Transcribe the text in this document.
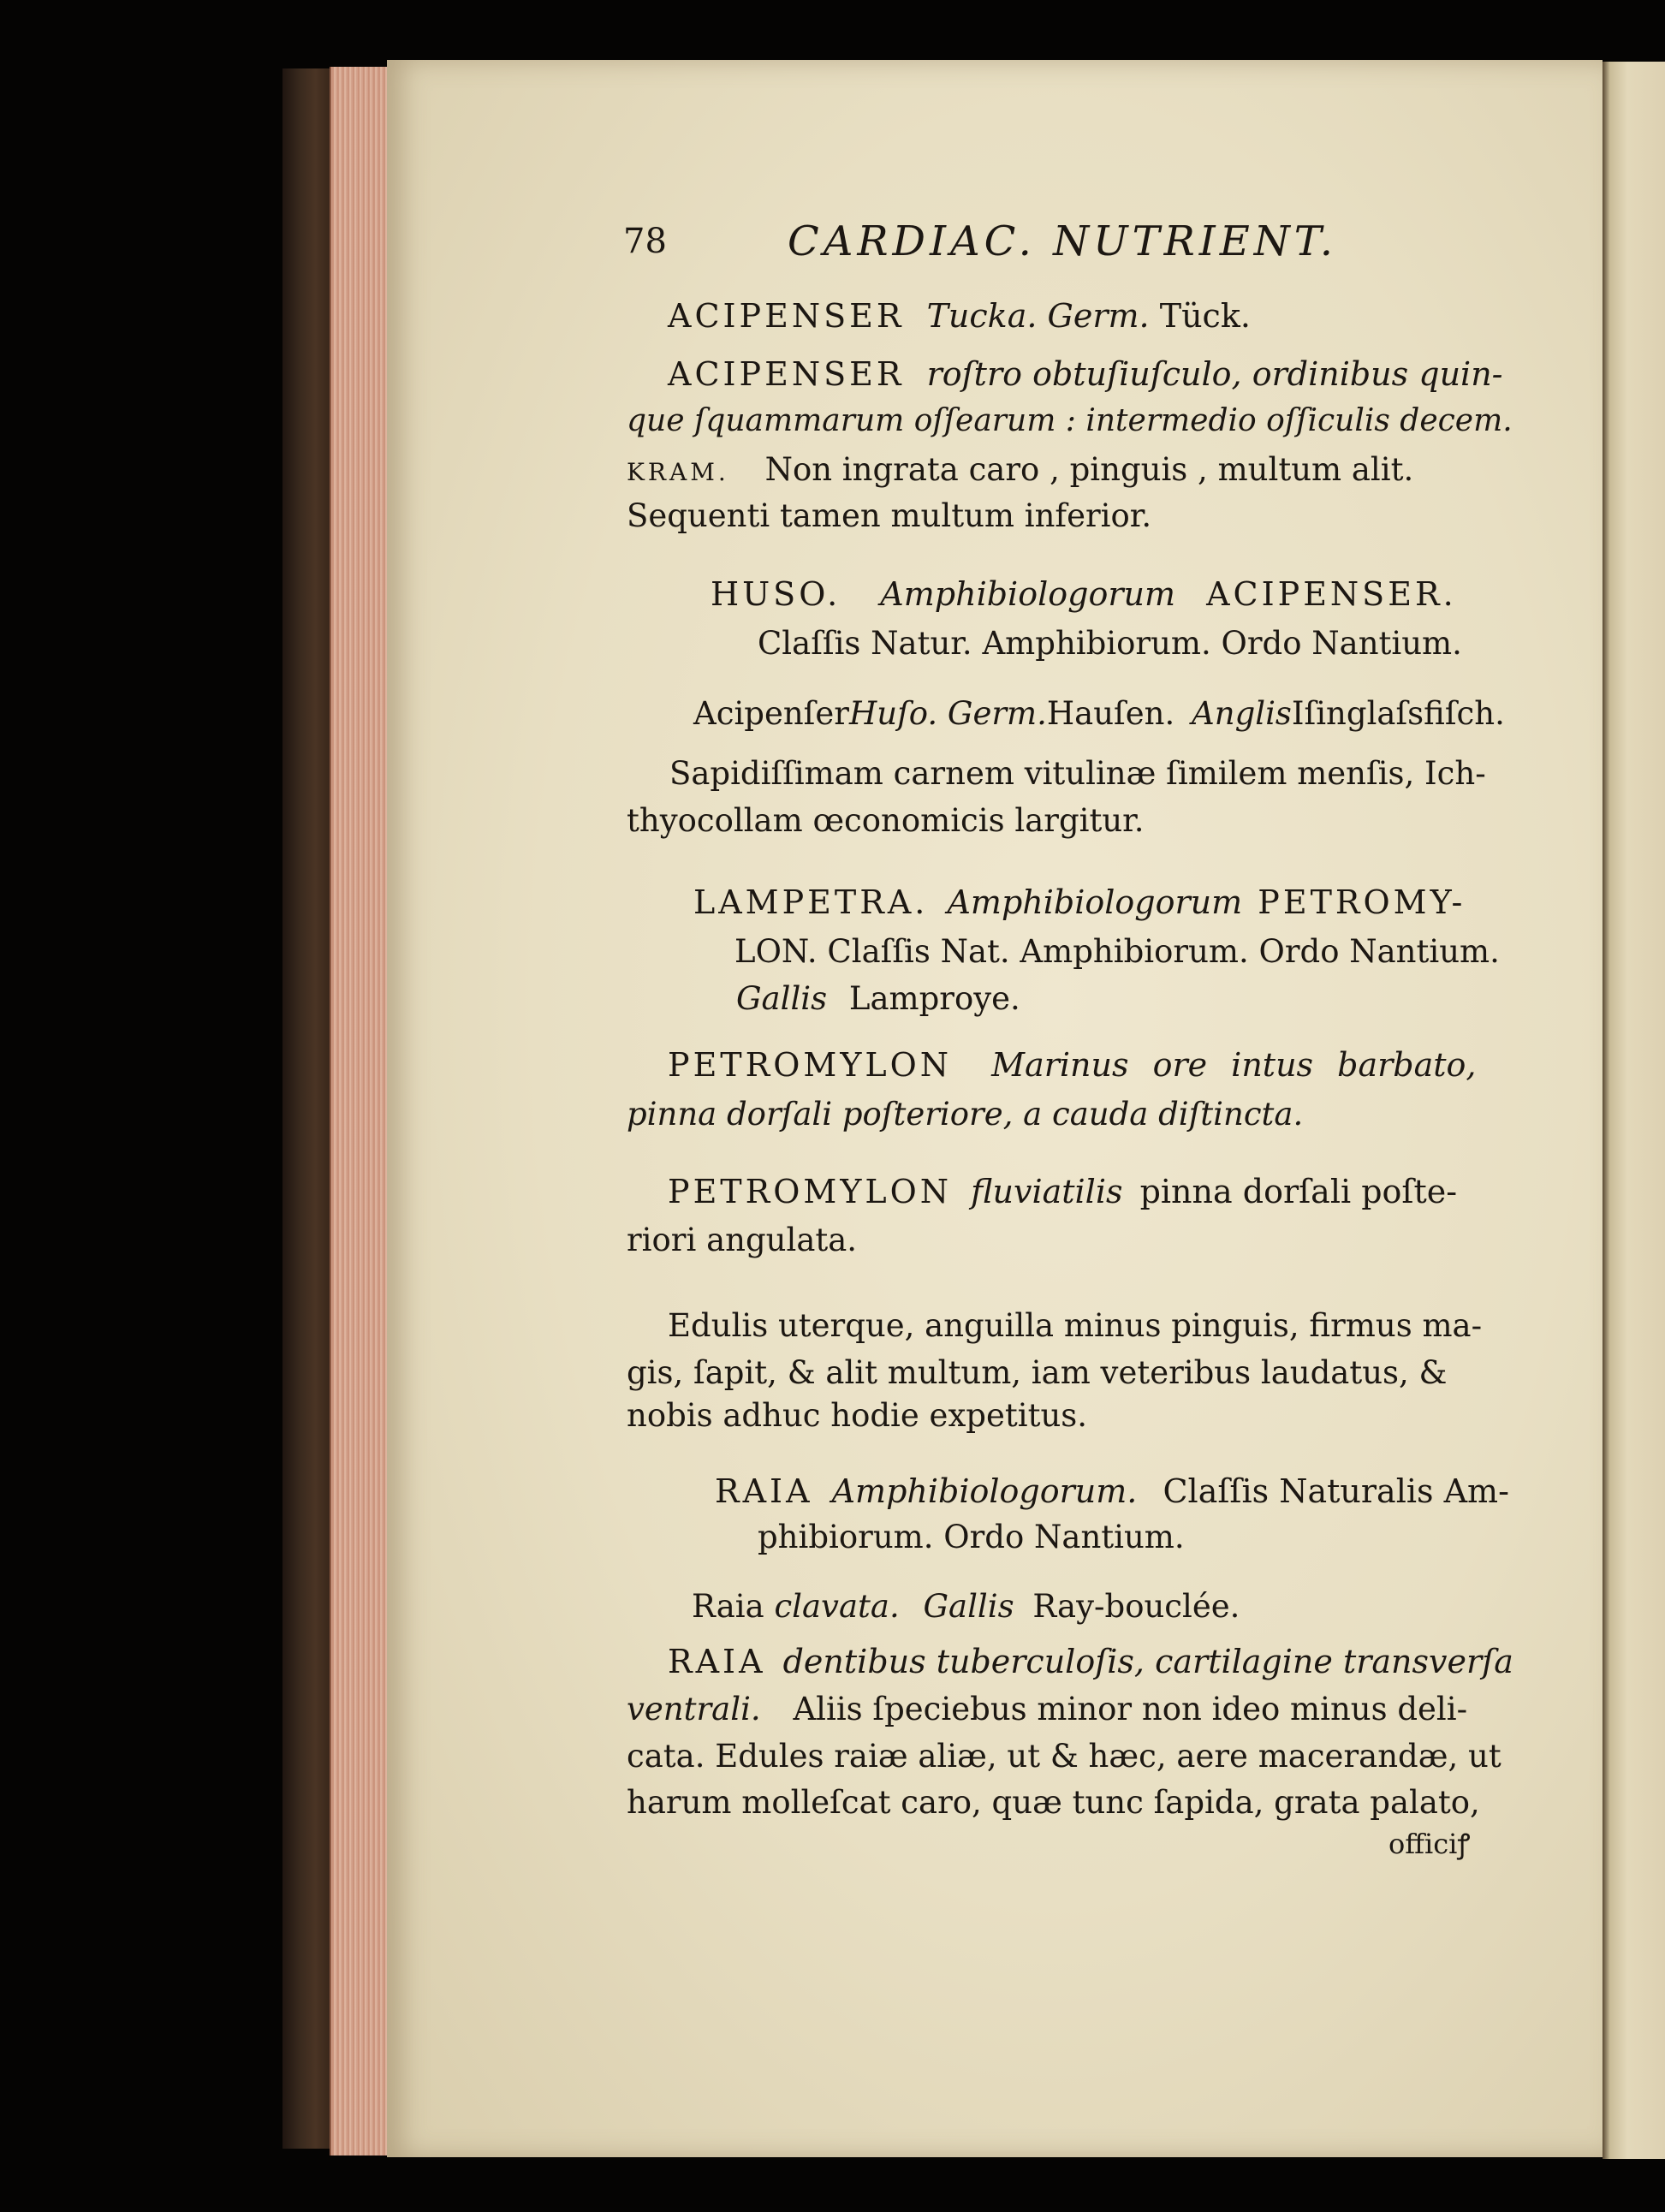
78	CARDIAC. NUTRIENT.
ACIPENSER Tucka. Germ. Tück.
ACIPENSER roſtro obtuſiuſculo, ordinibus quin-
que ſquammarum oſſearum : intermedio oſſiculis decem.
KRAM. Non ingrata caro , pinguis , multum alit.
Sequenti tamen multum inferior.
HUSO. Amphibiologorum ACIPENSER.
Claſſis Natur. Amphibiorum. Ordo Nantium.
AcipenſerHuſo. Germ.Hauſen. AnglisIſinglaſsfiſch.
Sapidiſſimam carnem vitulinæ ſimilem menſis, Ich-
thyocollam œconomicis largitur.
LAMPETRA. Amphibiologorum PETROMY-
LON. Claſſis Nat. Amphibiorum. Ordo Nantium.
Gallis Lamproye.
PETROMYLON Marinus ore intus barbato,
pinna dorſali poſteriore, a cauda diſtincta.
PETROMYLON fluviatilis pinna dorſali poſte-
riori angulata.
Edulis uterque, anguilla minus pinguis, firmus ma-
gis, ſapit, & alit multum, iam veteribus laudatus, &
nobis adhuc hodie expetitus.
RAIA Amphibiologorum. Claſſis Naturalis Am-
phibiorum. Ordo Nantium.
Raia clavata. Gallis Ray-bouclée.
RAIA dentibus tuberculoſis, cartilagine transverſa
ventrali. Aliis ſpeciebus minor non ideo minus deli-
cata. Edules raiæ aliæ, ut & hæc, aere macerandæ, ut
harum molleſcat caro, quæ tunc ſapida, grata palato,
officiꝭ
